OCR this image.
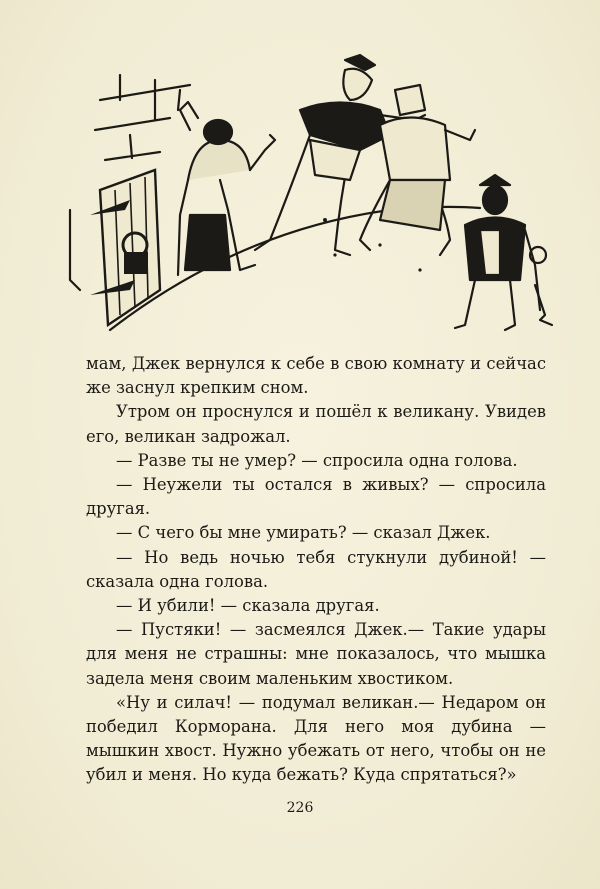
мам, Джек вернулся к себе в свою комнату и сейчас же заснул крепким сном.

Утром он проснулся и пошёл к великану. Увидев его, великан задрожал.

— Разве ты не умер? — спросила одна голова.

— Неужели ты остался в живых? — спросила другая.

— С чего бы мне умирать? — сказал Джек.

— Но ведь ночью тебя стукнули дубиной! — сказала одна голова.

— И убили! — сказала другая.

— Пустяки! — засмеялся Джек.— Такие удары для меня не страшны: мне показалось, что мышка задела меня своим маленьким хвостиком.

«Ну и силач! — подумал великан.— Недаром он победил Корморана. Для него моя дубина — мышкин хвост. Нужно убежать от него, чтобы он не убил и меня. Но куда бежать? Куда спрятаться?»

226
